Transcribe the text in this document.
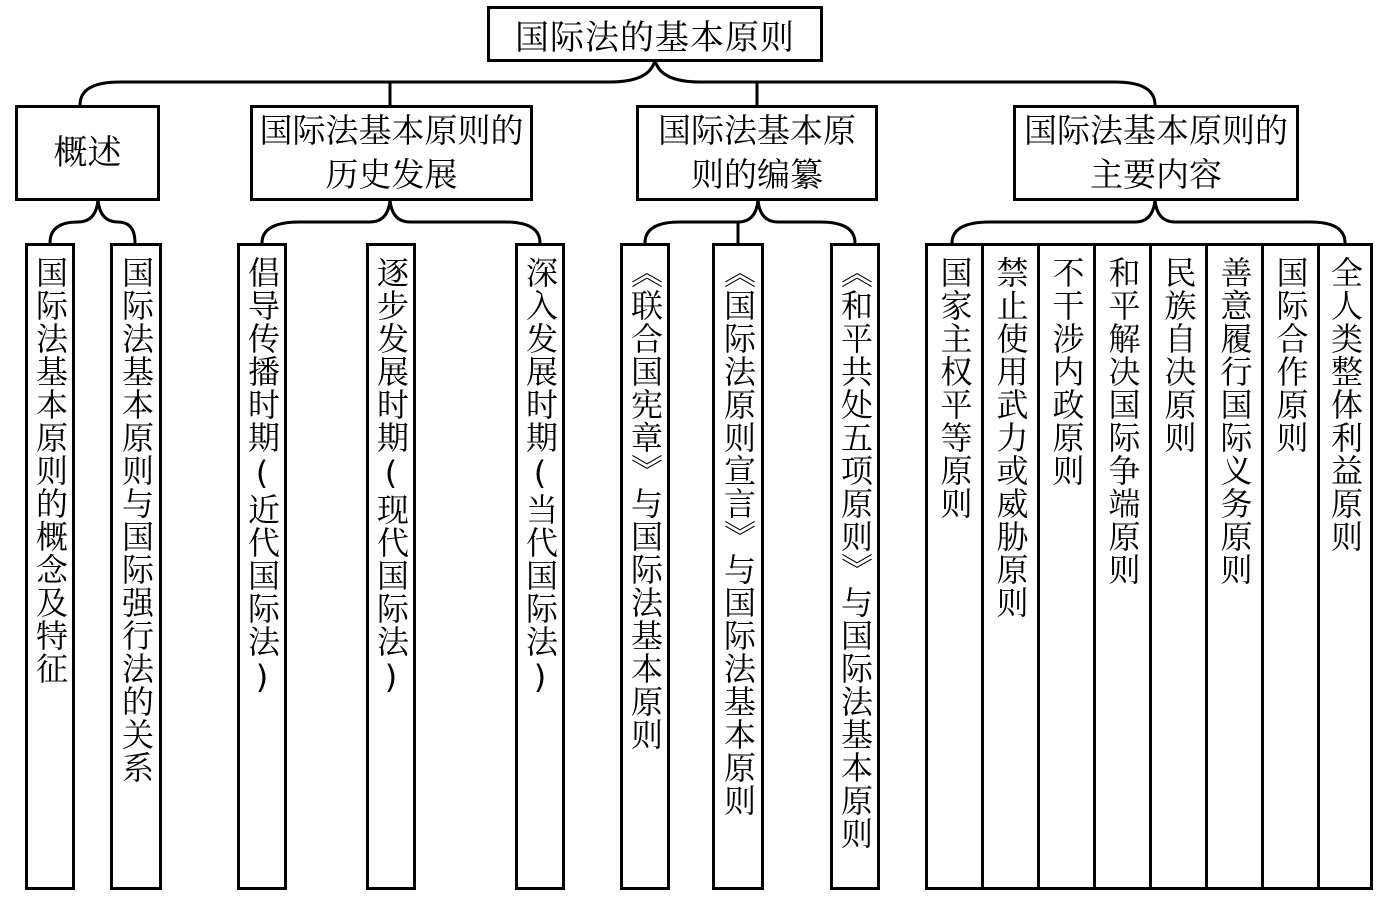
国际法的基本原则
概述
国际法基本原则的历史发展
国际法基本原则的编纂
国际法基本原则的主要内容
国际法基本原则的概念及特征 国际法基本原则与国际强行法的关系	倡导传播时期(近代国际法)	逐步发展时期(现代国际法)	深入发展时期(当代国际法) 《联合国宪章》与国际法基本原则 《国际法原则宣言》与国际法基本原则 《和平共处五项原则》与国际法基本原则 国家主权平等原则 禁止使用武力或威胁原则 不干涉内政原则 和平解决国际争端原则 民族自决原则 善意履行国际义务原则 国际合作原则 全人类整体利益原则
